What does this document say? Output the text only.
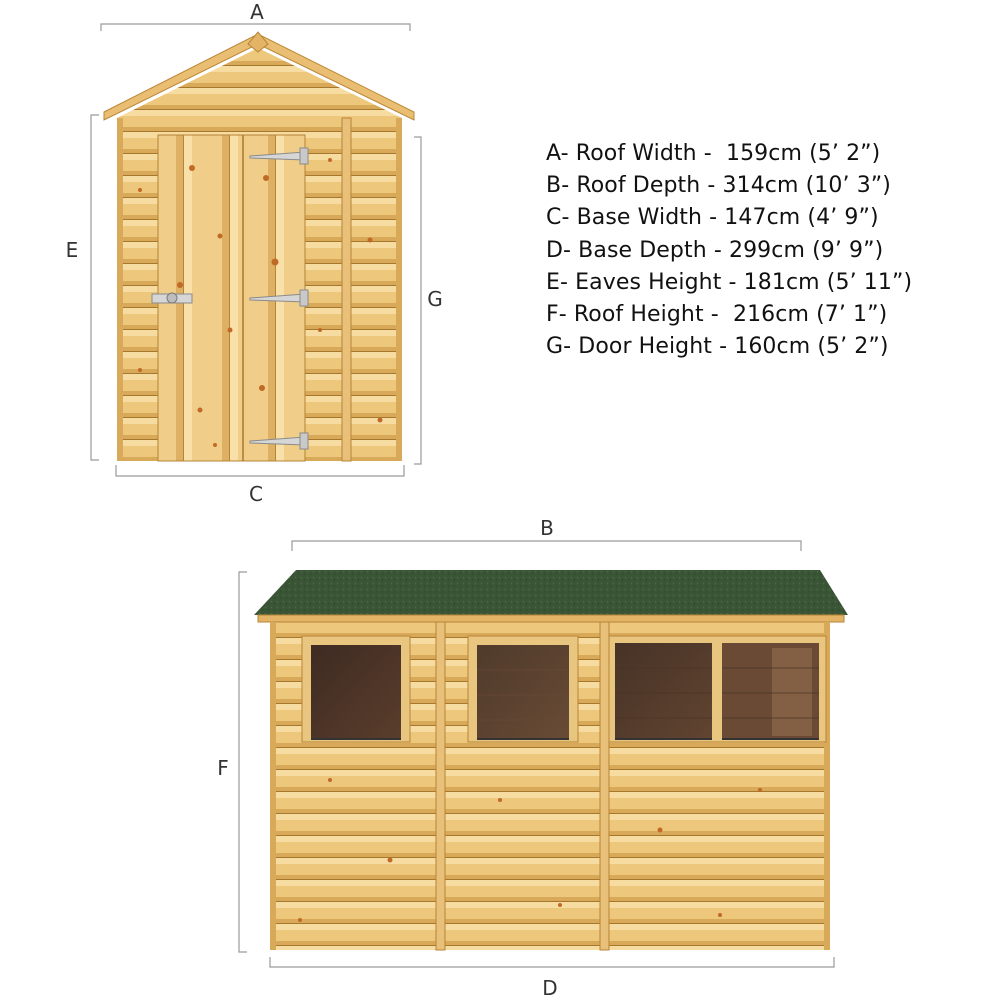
A
E
C
G
B
F
D
A- Roof Width -  159cm (5’ 2”)
B- Roof Depth - 314cm (10’ 3”)
C- Base Width - 147cm (4’ 9”)
D- Base Depth - 299cm (9’ 9”)
E- Eaves Height - 181cm (5’ 11”)
F- Roof Height -  216cm (7’ 1”)
G- Door Height - 160cm (5’ 2”)
